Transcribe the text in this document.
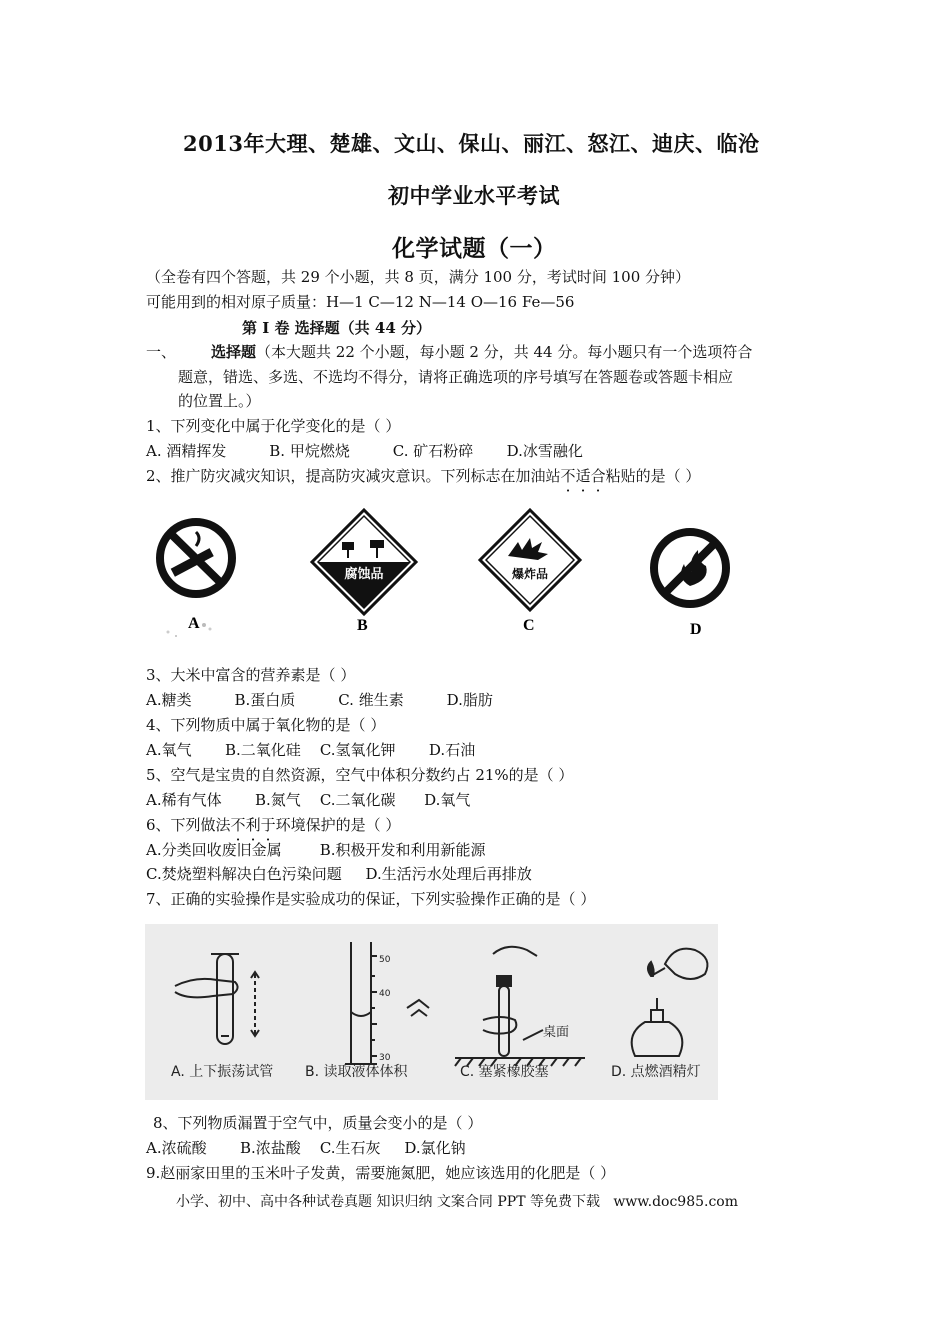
2013年大理、楚雄、文山、保山、丽江、怒江、迪庆、临沧
初中学业水平考试
化学试题（一）
（全卷有四个答题，共 29 个小题，共 8 页，满分 100 分，考试时间 100 分钟）
可能用到的相对原子质量：H—1 C—12 N—14 O—16 Fe—56
第 I 卷 选择题（共 44 分）
一、 选择题（本大题共 22 个小题，每小题 2 分，共 44 分。每小题只有一个选项符合
题意，错选、多选、不选均不得分，请将正确选项的序号填写在答题卷或答题卡相应
的位置上。）
1、下列变化中属于化学变化的是（ ）
A. 酒精挥发         B. 甲烷燃烧         C. 矿石粉碎       D.冰雪融化
2、推广防灾减灾知识，提高防灾减灾意识。下列标志在加油站不适合粘贴的是（ ）
A
腐蚀品
B
爆炸品
C	D
3、大米中富含的营养素是（ ）
A.糖类         B.蛋白质         C. 维生素         D.脂肪
4、下列物质中属于氧化物的是（ ）
A.氧气       B.二氧化硅    C.氢氧化钾       D.石油
5、空气是宝贵的自然资源，空气中体积分数约占 21%的是（ ）
A.稀有气体       B.氮气    C.二氧化碳      D.氧气
6、下列做法不利于环境保护的是（ ）
A.分类回收废旧金属        B.积极开发和利用新能源
C.焚烧塑料解决白色污染问题     D.生活污水处理后再排放
7、正确的实验操作是实验成功的保证，下列实验操作正确的是（ ）
A. 上下振荡试管
50
40
30
B. 读取液体体积
桌面
C. 塞紧橡胶塞	D. 点燃酒精灯
8、下列物质漏置于空气中，质量会变小的是（ ）
A.浓硫酸       B.浓盐酸    C.生石灰     D.氯化钠
9.赵丽家田里的玉米叶子发黄，需要施氮肥，她应该选用的化肥是（ ）
小学、初中、高中各种试卷真题 知识归纳 文案合同 PPT 等免费下载   www.doc985.com
